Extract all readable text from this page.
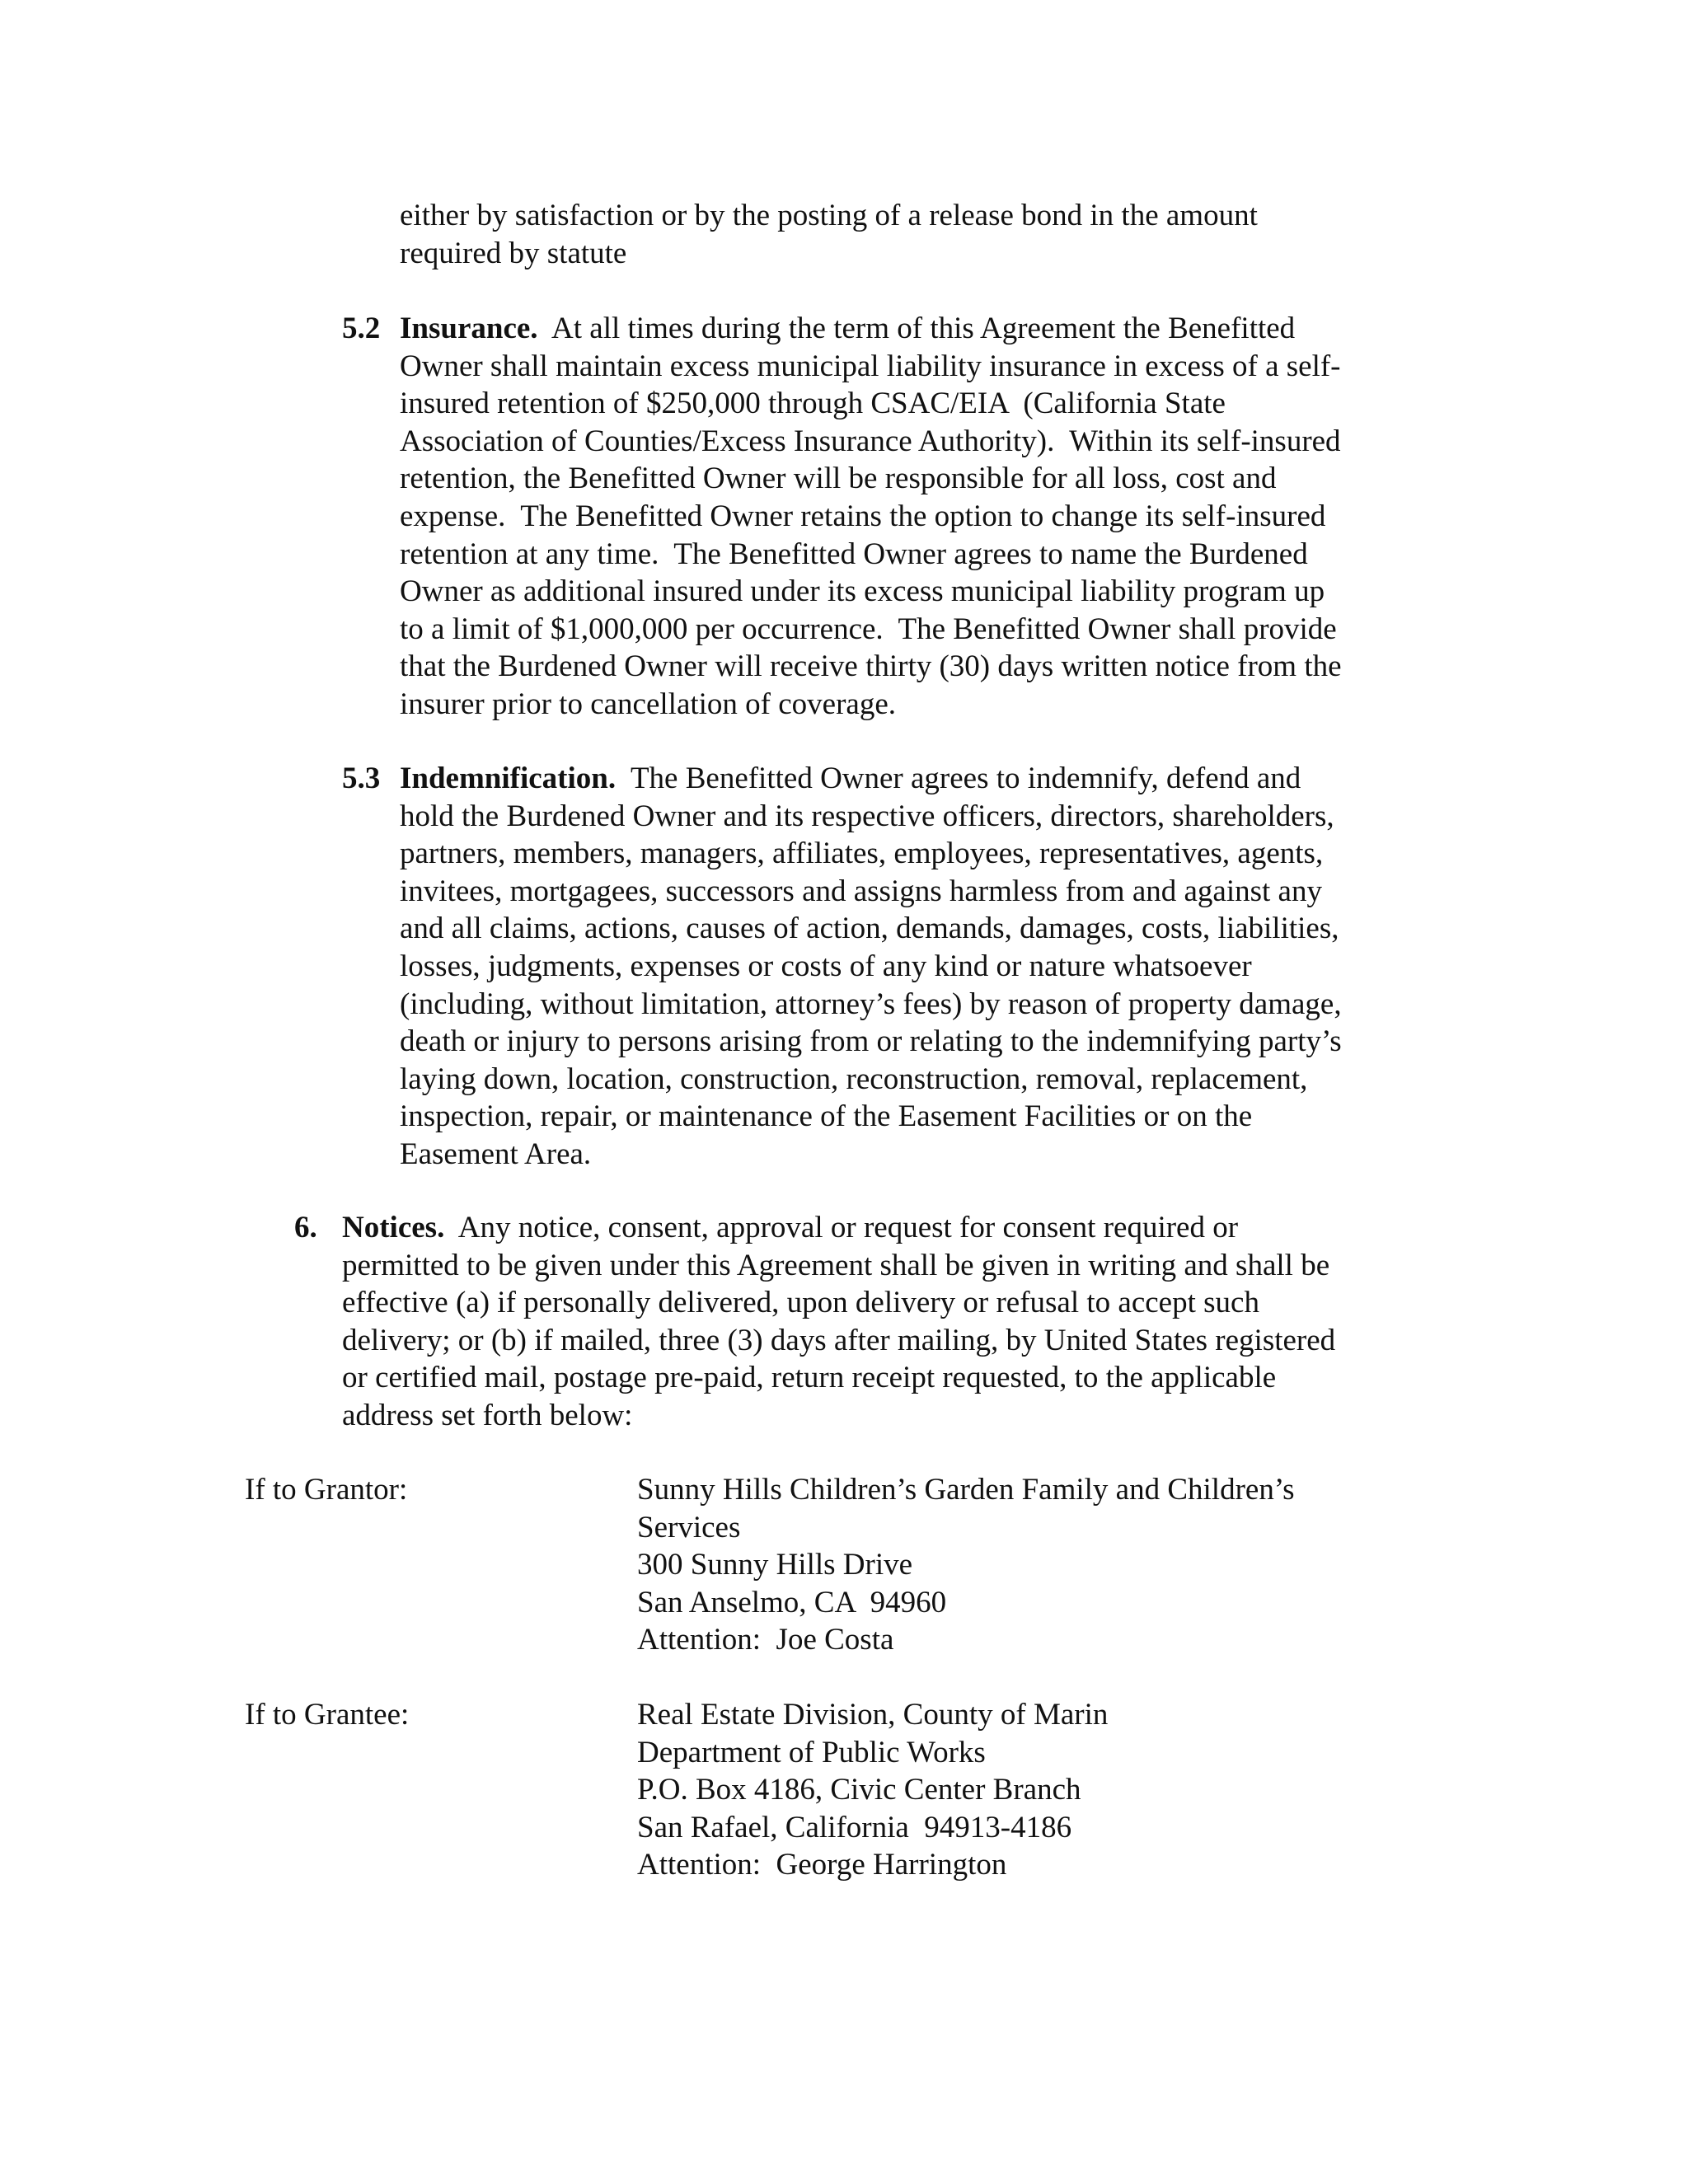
either by satisfaction or by the posting of a release bond in the amount
required by statute
5.2 Insurance.  At all times during the term of this Agreement the Benefitted
Owner shall maintain excess municipal liability insurance in excess of a self-
insured retention of $250,000 through CSAC/EIA  (California State
Association of Counties/Excess Insurance Authority).  Within its self-insured
retention, the Benefitted Owner will be responsible for all loss, cost and
expense.  The Benefitted Owner retains the option to change its self-insured
retention at any time.  The Benefitted Owner agrees to name the Burdened
Owner as additional insured under its excess municipal liability program up
to a limit of $1,000,000 per occurrence.  The Benefitted Owner shall provide
that the Burdened Owner will receive thirty (30) days written notice from the
insurer prior to cancellation of coverage.
5.3 Indemnification.  The Benefitted Owner agrees to indemnify, defend and
hold the Burdened Owner and its respective officers, directors, shareholders,
partners, members, managers, affiliates, employees, representatives, agents,
invitees, mortgagees, successors and assigns harmless from and against any
and all claims, actions, causes of action, demands, damages, costs, liabilities,
losses, judgments, expenses or costs of any kind or nature whatsoever
(including, without limitation, attorney’s fees) by reason of property damage,
death or injury to persons arising from or relating to the indemnifying party’s
laying down, location, construction, reconstruction, removal, replacement,
inspection, repair, or maintenance of the Easement Facilities or on the
Easement Area.
6. Notices.  Any notice, consent, approval or request for consent required or
permitted to be given under this Agreement shall be given in writing and shall be
effective (a) if personally delivered, upon delivery or refusal to accept such
delivery; or (b) if mailed, three (3) days after mailing, by United States registered
or certified mail, postage pre-paid, return receipt requested, to the applicable
address set forth below:
If to Grantor:	Sunny Hills Children’s Garden Family and Children’s
Services
300 Sunny Hills Drive
San Anselmo, CA  94960
Attention:  Joe Costa
If to Grantee:	Real Estate Division, County of Marin
Department of Public Works
P.O. Box 4186, Civic Center Branch
San Rafael, California  94913-4186
Attention:  George Harrington
